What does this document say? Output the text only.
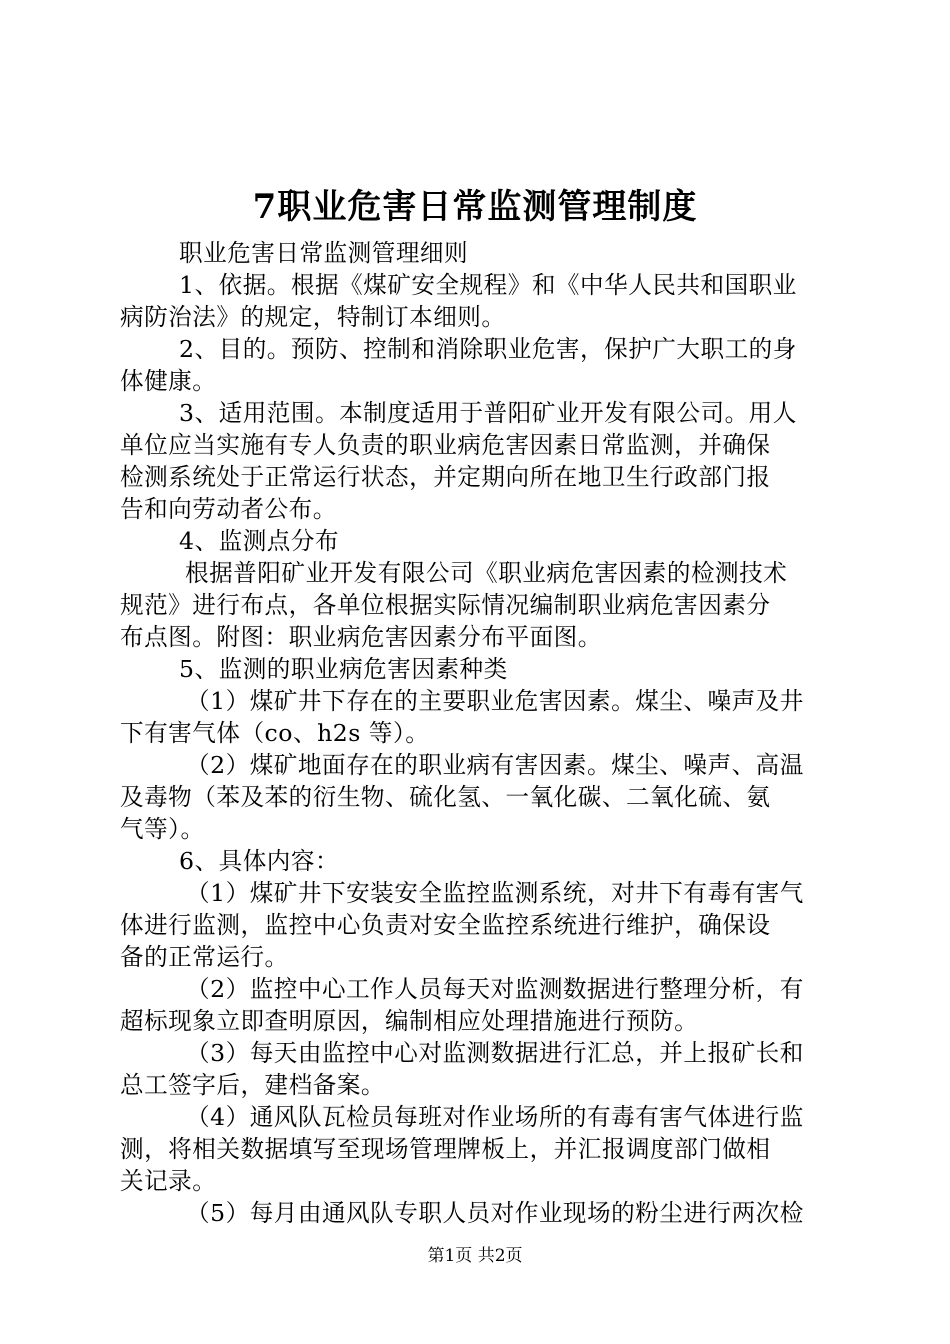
7职业危害日常监测管理制度
职业危害日常监测管理细则
1、依据。根据《煤矿安全规程》和《中华人民共和国职业
病防治法》的规定，特制订本细则。
2、目的。预防、控制和消除职业危害，保护广大职工的身
体健康。
3、适用范围。本制度适用于普阳矿业开发有限公司。用人
单位应当实施有专人负责的职业病危害因素日常监测，并确保
检测系统处于正常运行状态，并定期向所在地卫生行政部门报
告和向劳动者公布。
4、监测点分布
根据普阳矿业开发有限公司《职业病危害因素的检测技术
规范》进行布点，各单位根据实际情况编制职业病危害因素分
布点图。附图：职业病危害因素分布平面图。
5、监测的职业病危害因素种类
（1）煤矿井下存在的主要职业危害因素。煤尘、噪声及井
下有害气体（co、h2s 等）。
（2）煤矿地面存在的职业病有害因素。煤尘、噪声、高温
及毒物（苯及苯的衍生物、硫化氢、一氧化碳、二氧化硫、氨
气等）。
6、具体内容：
（1）煤矿井下安装安全监控监测系统，对井下有毒有害气
体进行监测，监控中心负责对安全监控系统进行维护，确保设
备的正常运行。
（2）监控中心工作人员每天对监测数据进行整理分析，有
超标现象立即查明原因，编制相应处理措施进行预防。
（3）每天由监控中心对监测数据进行汇总，并上报矿长和
总工签字后，建档备案。
（4）通风队瓦检员每班对作业场所的有毒有害气体进行监
测，将相关数据填写至现场管理牌板上，并汇报调度部门做相
关记录。
（5）每月由通风队专职人员对作业现场的粉尘进行两次检
第1页 共2页
